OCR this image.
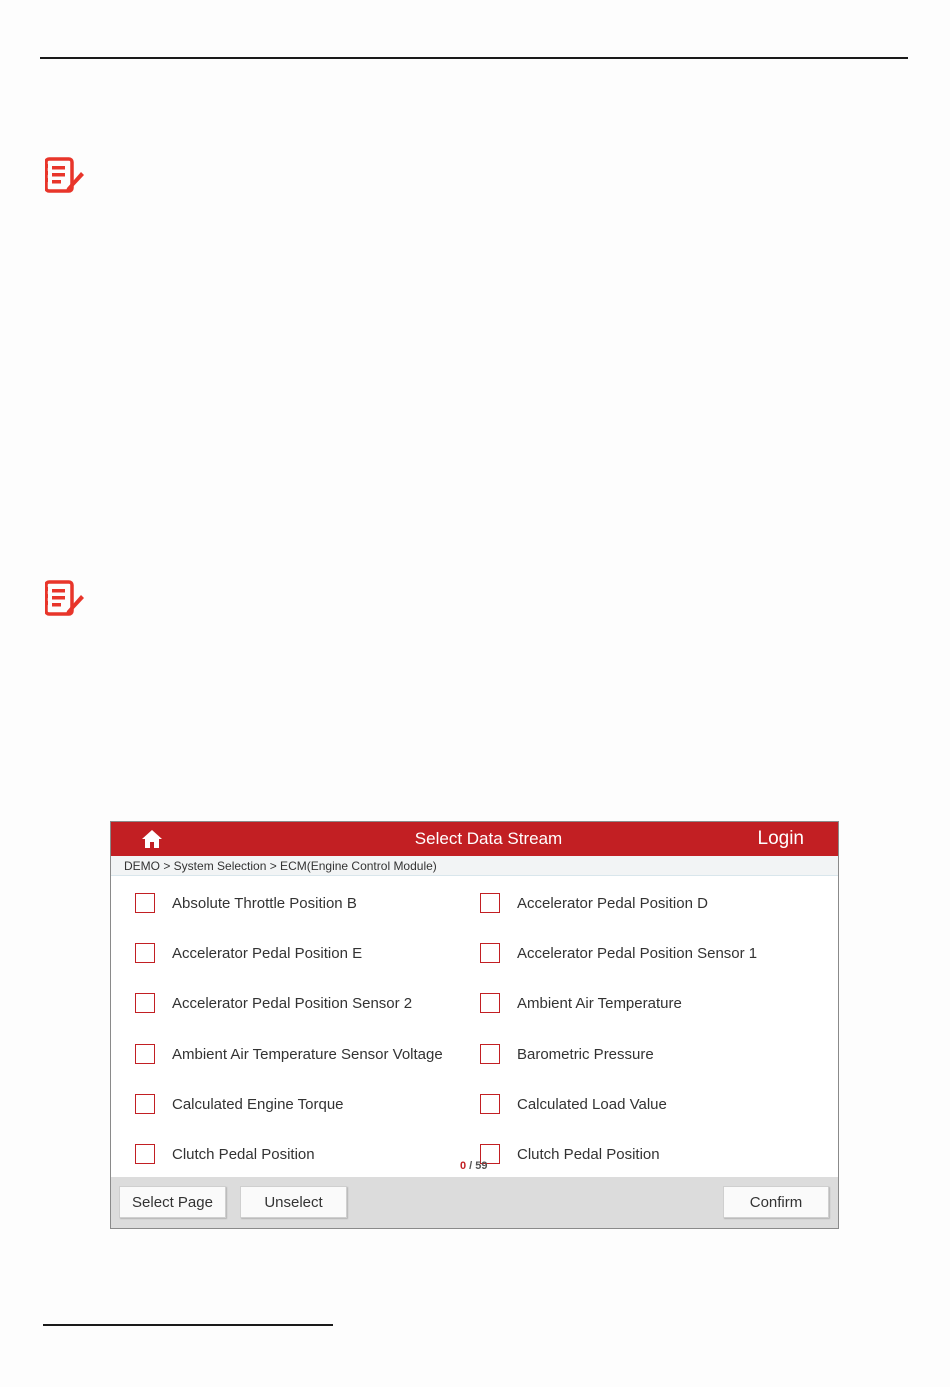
Select Data Stream	Login
DEMO > System Selection > ECM(Engine Control Module)
Absolute Throttle Position B	Accelerator Pedal Position D
Accelerator Pedal Position E	Accelerator Pedal Position Sensor 1
Accelerator Pedal Position Sensor 2	Ambient Air Temperature
Ambient Air Temperature Sensor Voltage	Barometric Pressure
Calculated Engine Torque	Calculated Load Value
Clutch Pedal Position	Clutch Pedal Position
0 / 59
Select Page	Unselect	Confirm
